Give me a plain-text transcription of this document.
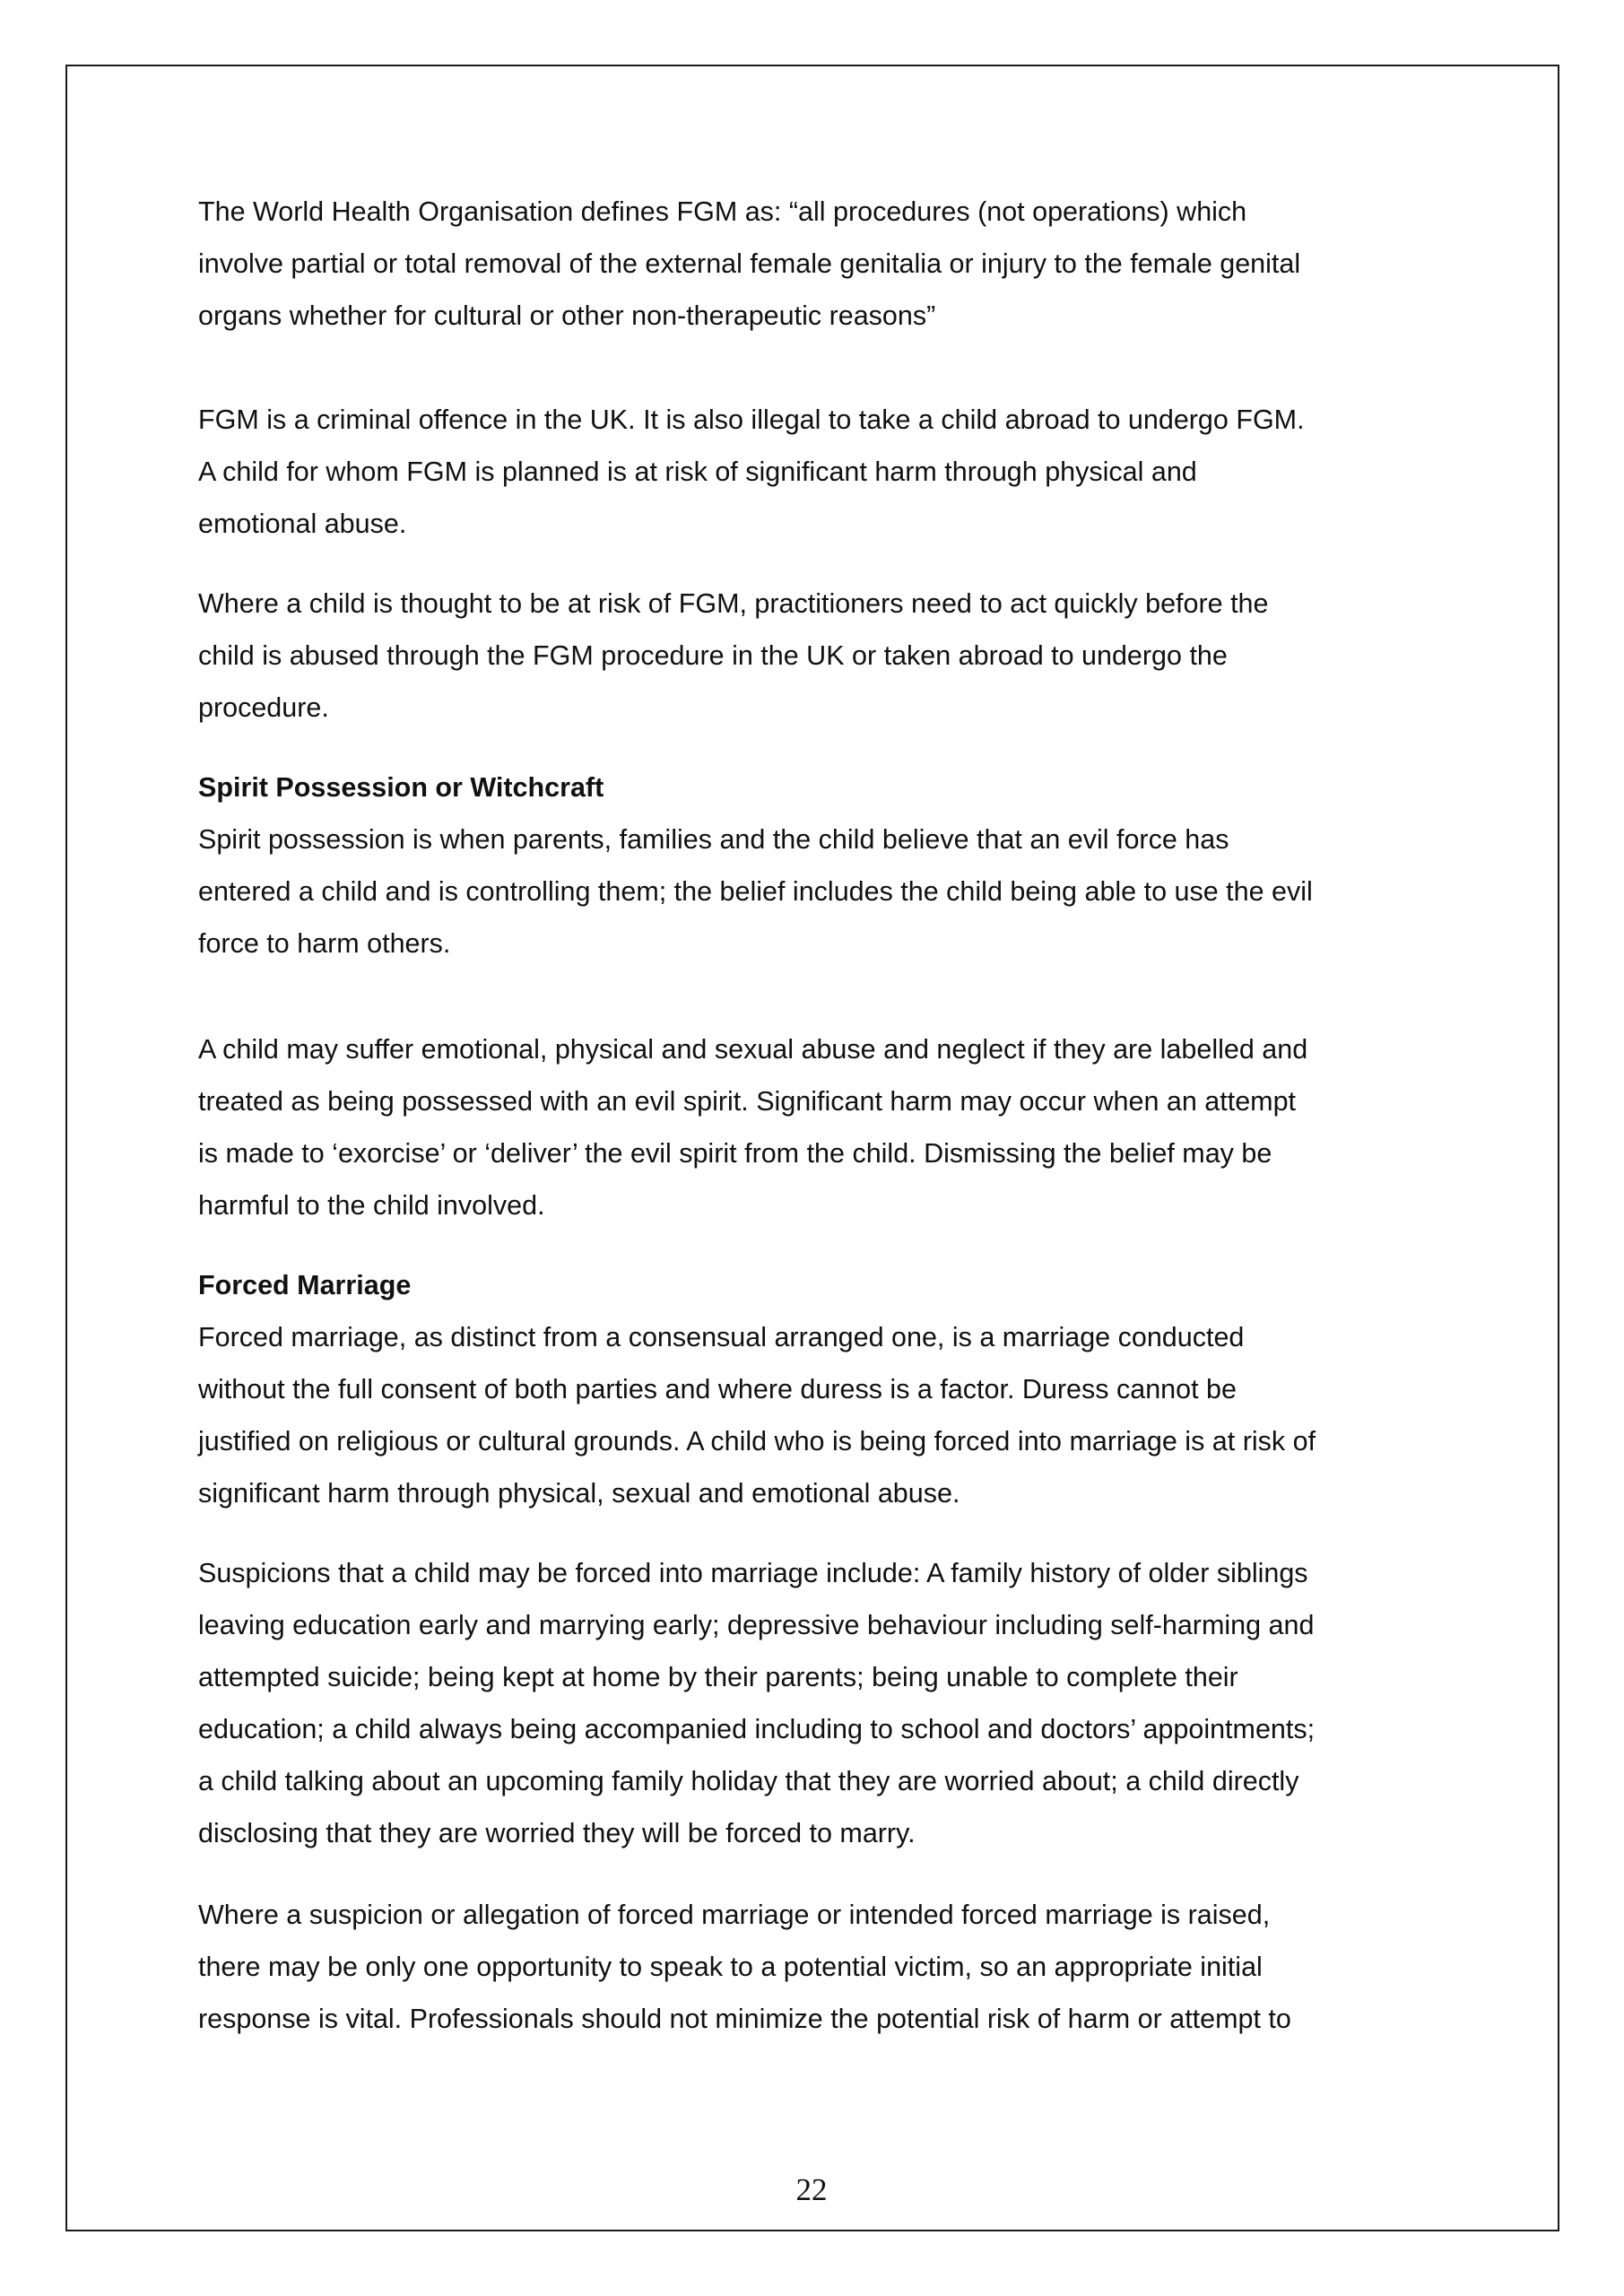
The World Health Organisation defines FGM as: “all procedures (not operations) which
involve partial or total removal of the external female genitalia or injury to the female genital
organs whether for cultural or other non-therapeutic reasons”
FGM is a criminal offence in the UK. It is also illegal to take a child abroad to undergo FGM.
A child for whom FGM is planned is at risk of significant harm through physical and
emotional abuse.
Where a child is thought to be at risk of FGM, practitioners need to act quickly before the
child is abused through the FGM procedure in the UK or taken abroad to undergo the
procedure.
Spirit Possession or Witchcraft
Spirit possession is when parents, families and the child believe that an evil force has
entered a child and is controlling them; the belief includes the child being able to use the evil
force to harm others.
A child may suffer emotional, physical and sexual abuse and neglect if they are labelled and
treated as being possessed with an evil spirit. Significant harm may occur when an attempt
is made to ‘exorcise’ or ‘deliver’ the evil spirit from the child. Dismissing the belief may be
harmful to the child involved.
Forced Marriage
Forced marriage, as distinct from a consensual arranged one, is a marriage conducted
without the full consent of both parties and where duress is a factor. Duress cannot be
justified on religious or cultural grounds. A child who is being forced into marriage is at risk of
significant harm through physical, sexual and emotional abuse.
Suspicions that a child may be forced into marriage include: A family history of older siblings
leaving education early and marrying early; depressive behaviour including self-harming and
attempted suicide; being kept at home by their parents; being unable to complete their
education; a child always being accompanied including to school and doctors’ appointments;
a child talking about an upcoming family holiday that they are worried about; a child directly
disclosing that they are worried they will be forced to marry.
Where a suspicion or allegation of forced marriage or intended forced marriage is raised,
there may be only one opportunity to speak to a potential victim, so an appropriate initial
response is vital. Professionals should not minimize the potential risk of harm or attempt to
22
